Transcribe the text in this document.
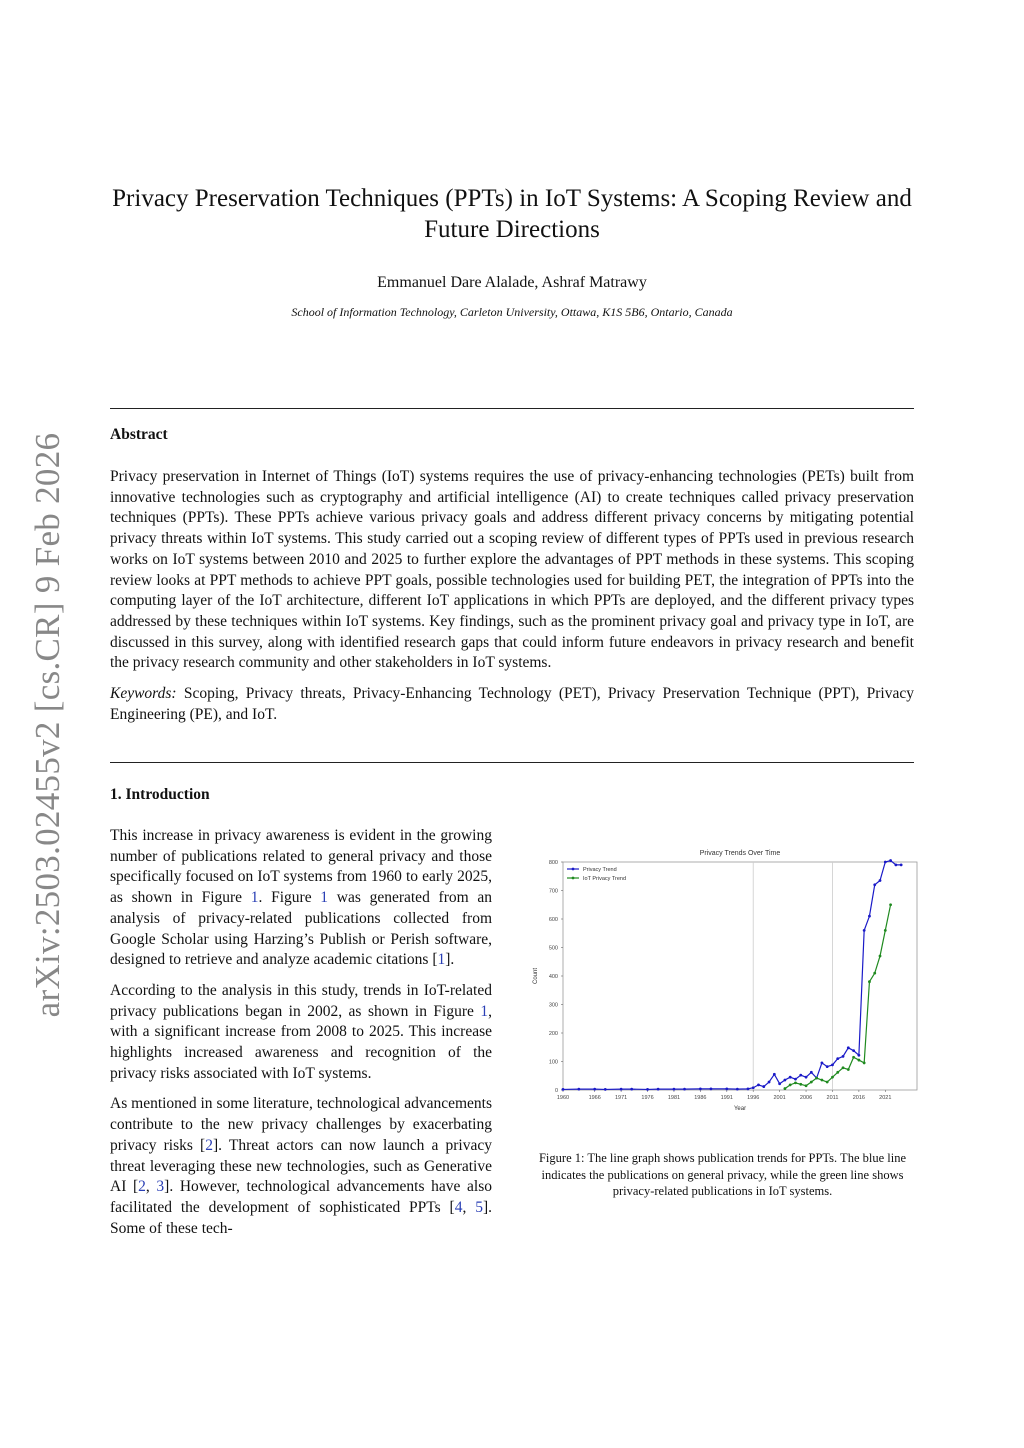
arXiv:2503.02455v2 [cs.CR] 9 Feb 2026
Privacy Preservation Techniques (PPTs) in IoT Systems: A Scoping Review and Future Directions
Emmanuel Dare Alalade, Ashraf Matrawy
School of Information Technology, Carleton University, Ottawa, K1S 5B6, Ontario, Canada
Abstract

Privacy preservation in Internet of Things (IoT) systems requires the use of privacy-enhancing technologies (PETs) built from innovative technologies such as cryptography and artificial intelligence (AI) to create techniques called privacy preservation techniques (PPTs). These PPTs achieve various privacy goals and address different privacy concerns by mitigating potential privacy threats within IoT systems. This study carried out a scoping review of different types of PPTs used in previous research works on IoT systems between 2010 and 2025 to further explore the advantages of PPT methods in these systems. This scoping review looks at PPT methods to achieve PPT goals, possible technologies used for building PET, the integration of PPTs into the computing layer of the IoT architecture, different IoT applications in which PPTs are deployed, and the different privacy types addressed by these techniques within IoT systems. Key findings, such as the prominent privacy goal and privacy type in IoT, are discussed in this survey, along with identified research gaps that could inform future endeavors in privacy research and benefit the privacy research community and other stakeholders in IoT systems.

Keywords: Scoping, Privacy threats, Privacy-Enhancing Technology (PET), Privacy Preservation Technique (PPT), Privacy Engineering (PE), and IoT.

1. Introduction

This increase in privacy awareness is evident in the growing number of publications related to general privacy and those specifically focused on IoT systems from 1960 to early 2025, as shown in Figure 1. Figure 1 was generated from an analysis of privacy-related publications collected from Google Scholar using Harzing’s Publish or Perish software, designed to retrieve and analyze academic citations [1].

According to the analysis in this study, trends in IoT-related privacy publications began in 2002, as shown in Figure 1, with a significant increase from 2008 to 2025. This increase highlights increased awareness and recognition of the privacy risks associated with IoT systems.

As mentioned in some literature, technological advancements contribute to the new privacy challenges by exacerbating privacy risks [2]. Threat actors can now launch a privacy threat leveraging these new technologies, such as Generative AI [2, 3]. However, technological advancements have also facilitated the development of sophisticated PPTs [4, 5]. Some of these tech-

Privacy Trends Over Time
0
100
200
300
400
500
600
700
800
1960	1966	1971	1976	1981	1986	1991	1996	2001	2006	2011	2016	2021
Year
Count
Privacy Trend
IoT Privacy Trend
Figure 1: The line graph shows publication trends for PPTs. The blue line indicates the publications on general privacy, while the green line shows privacy-related publications in IoT systems.
